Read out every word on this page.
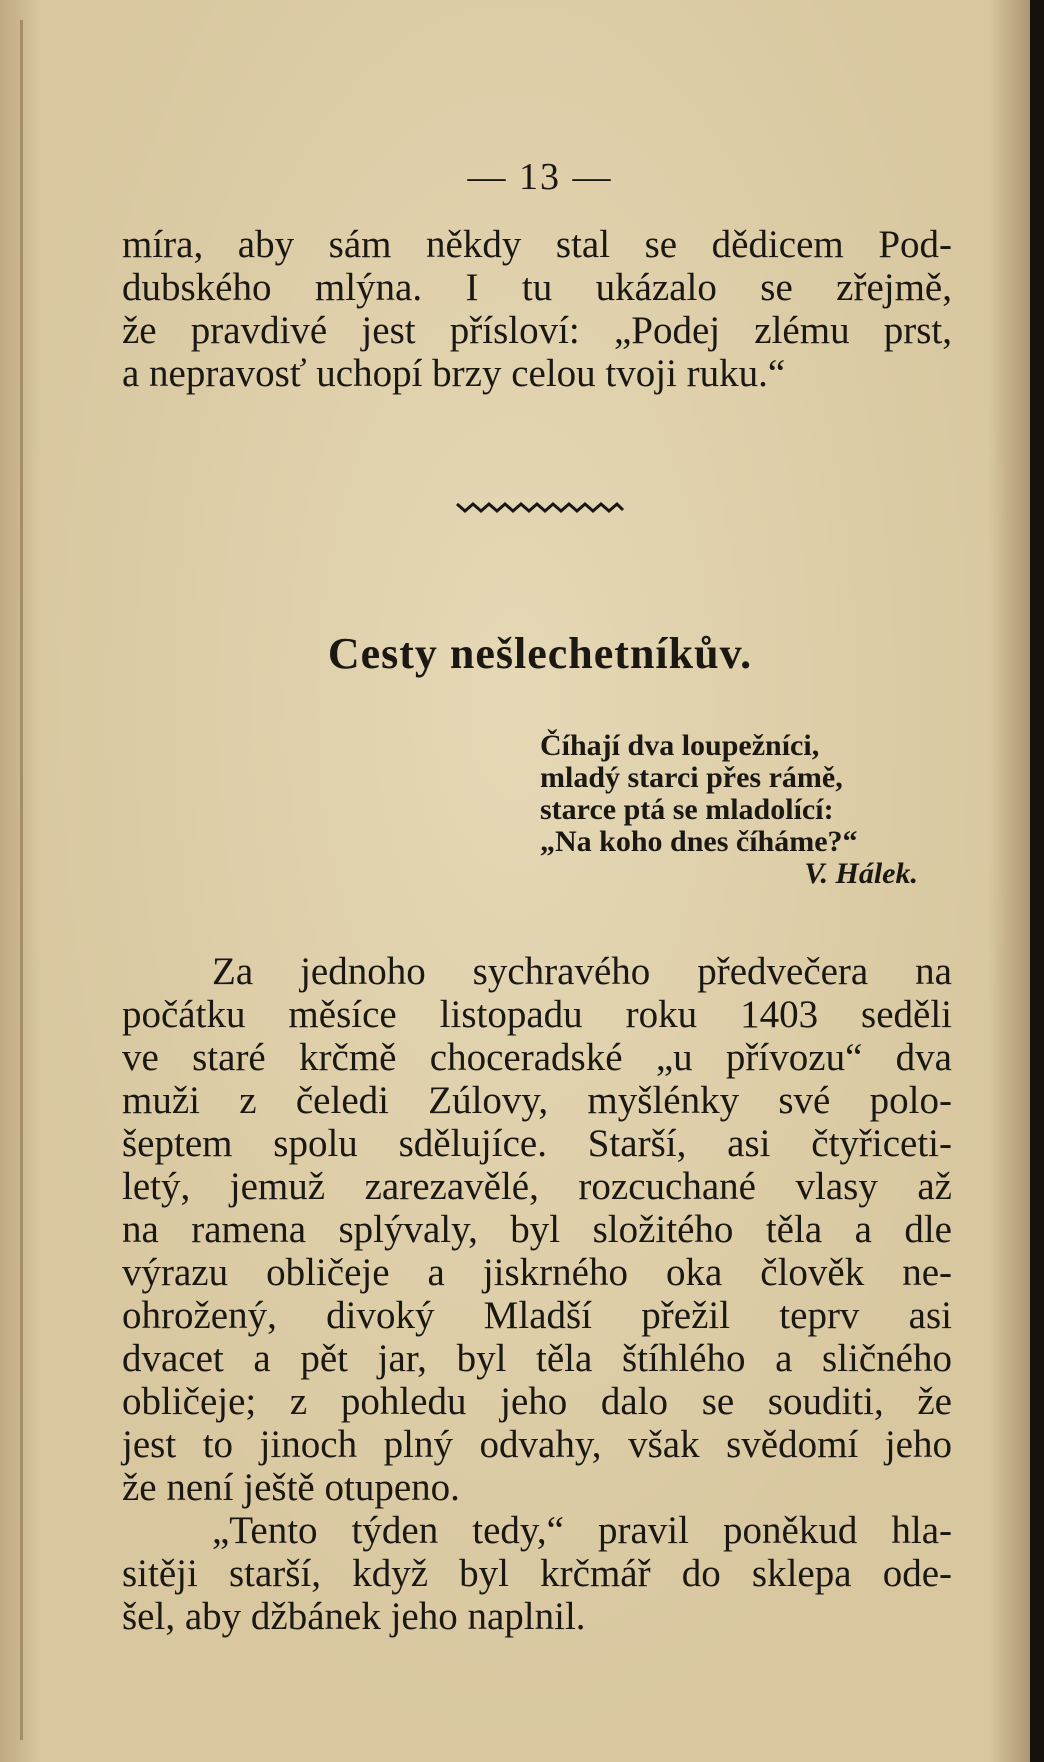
— 13 —
míra, aby sám někdy stal se dědicem Pod-
dubského mlýna. I tu ukázalo se zřejmě,
že pravdivé jest přísloví: „Podej zlému prst,
a nepravosť uchopí brzy celou tvoji ruku.“
Cesty nešlechetníkův.
Číhají dva loupežníci,
mladý starci přes rámě,
starce ptá se mladolící:
„Na koho dnes číháme?“
V. Hálek.
Za jednoho sychravého předvečera na
počátku měsíce listopadu roku 1403 seděli
ve staré krčmě choceradské „u přívozu“ dva
muži z čeledi Zúlovy, myšlénky své polo-
šeptem spolu sdělujíce. Starší, asi čtyřiceti-
letý, jemuž zarezavělé, rozcuchané vlasy až
na ramena splývaly, byl složitého těla a dle
výrazu obličeje a jiskrného oka člověk ne-
ohrožený, divoký Mladší přežil teprv asi
dvacet a pět jar, byl těla štíhlého a sličného
obličeje; z pohledu jeho dalo se souditi, že
jest to jinoch plný odvahy, však svědomí jeho
že není ještě otupeno.
„Tento týden tedy,“ pravil poněkud hla-
sitěji starší, když byl krčmář do sklepa ode-
šel, aby džbánek jeho naplnil.
